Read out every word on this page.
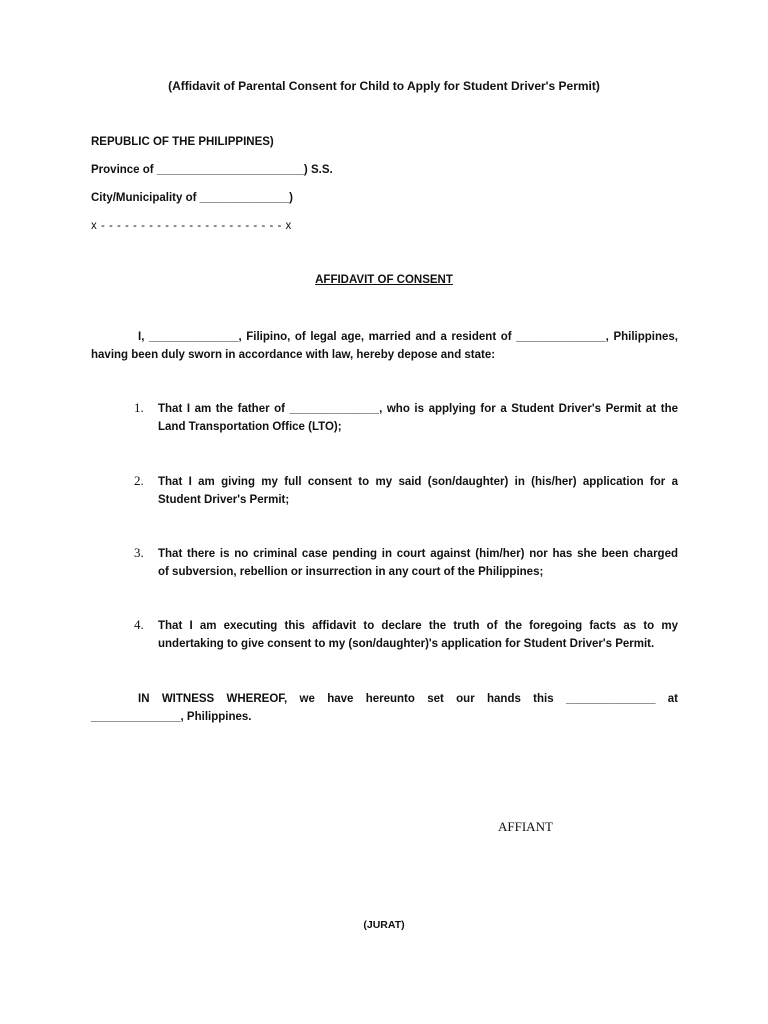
(Affidavit of Parental Consent for Child to Apply for Student Driver's Permit)
REPUBLIC OF THE PHILIPPINES)
Province of _______________________) S.S.
City/Municipality of ______________)
x - - - - - - - - - - - - - - - - - - - - - - - x
AFFIDAVIT OF CONSENT
I, ______________, Filipino, of legal age, married and a resident of ______________, Philippines,
having been duly sworn in accordance with law, hereby depose and state:
1.	That I am the father of ______________, who is applying for a Student Driver's Permit at the
Land Transportation Office (LTO);
2.	That I am giving my full consent to my said (son/daughter) in (his/her) application for a
Student Driver's Permit;
3.	That there is no criminal case pending in court against (him/her) nor has she been charged
of subversion, rebellion or insurrection in any court of the Philippines;
4.	That I am executing this affidavit to declare the truth of the foregoing facts as to my
undertaking to give consent to my (son/daughter)'s application for Student Driver's Permit.
IN WITNESS WHEREOF, we have hereunto set our hands this ______________ at
______________, Philippines.
AFFIANT
(JURAT)
